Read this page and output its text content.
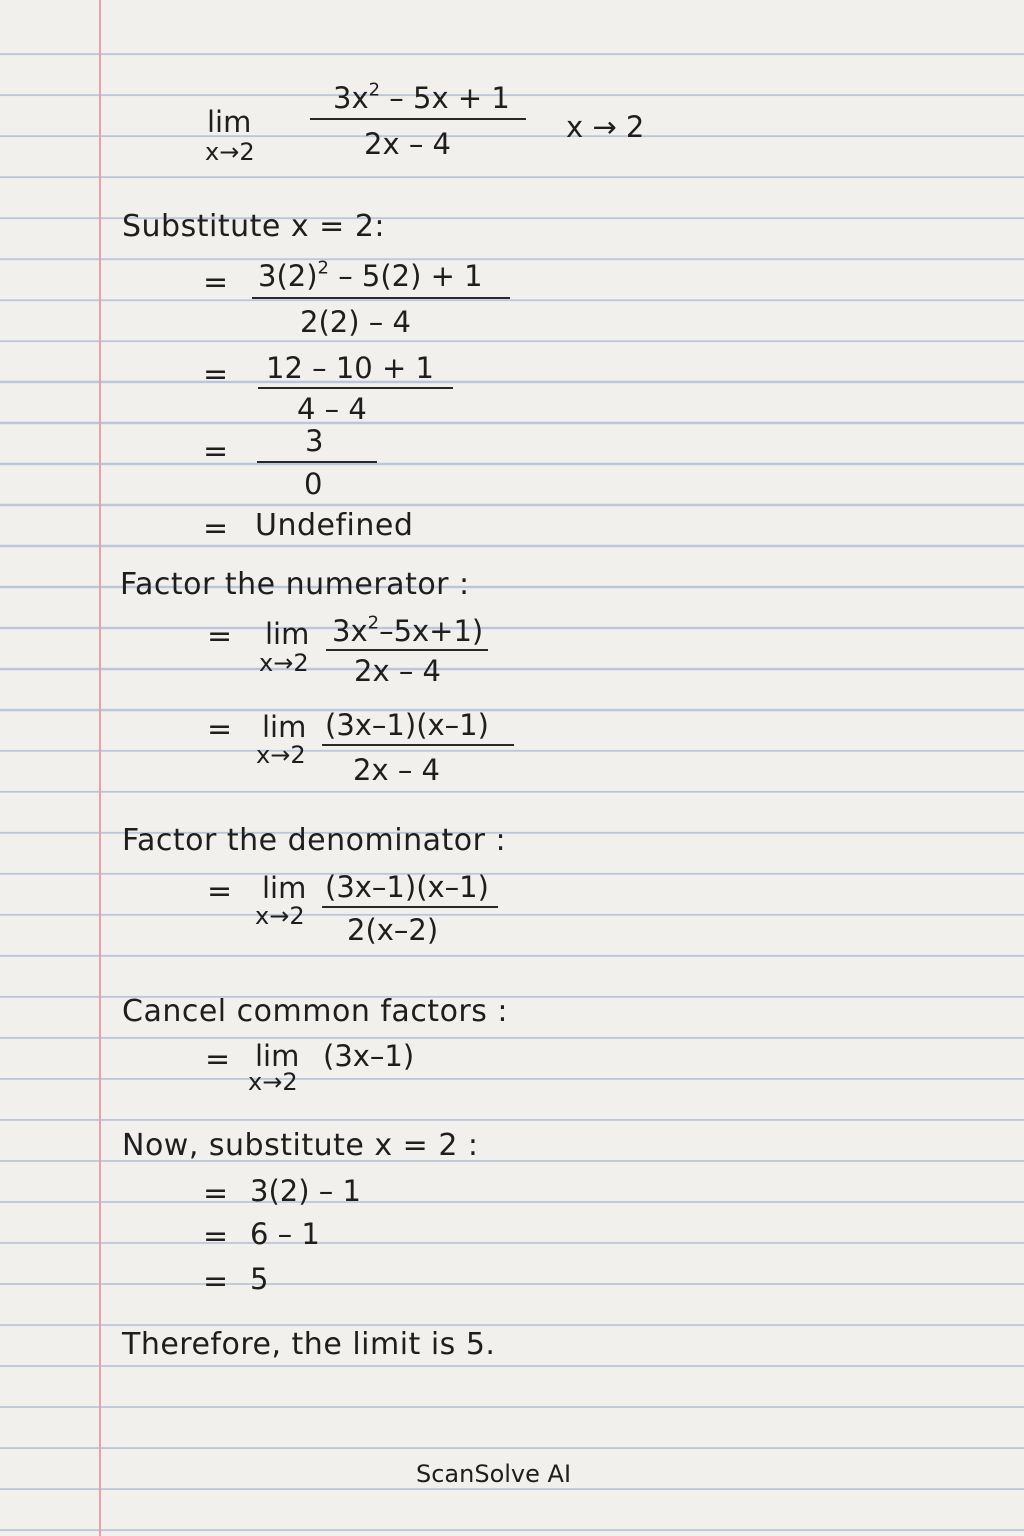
lim
x→2
$3x^2 - 5x + 1$
2x – 4	x → 2
Substitute x = 2:
= $3(2)^2 - 5(2) + 1$
2(2) – 4
= 12 – 10 + 1
4 – 4
=	3
0
= Undefined
Factor the numerator :
= lim
x→2
$3x^2-5x+1$)
2x – 4
= lim
x→2
(3x–1)(x–1)
2x – 4
Factor the denominator :
= lim
x→2
(3x–1)(x–1)
2(x–2)
Cancel common factors :
= lim
x→2
(3x–1)
Now, substitute x = 2 :
= 3(2) – 1
= 6 – 1
= 5
Therefore, the limit is 5.
ScanSolve AI
